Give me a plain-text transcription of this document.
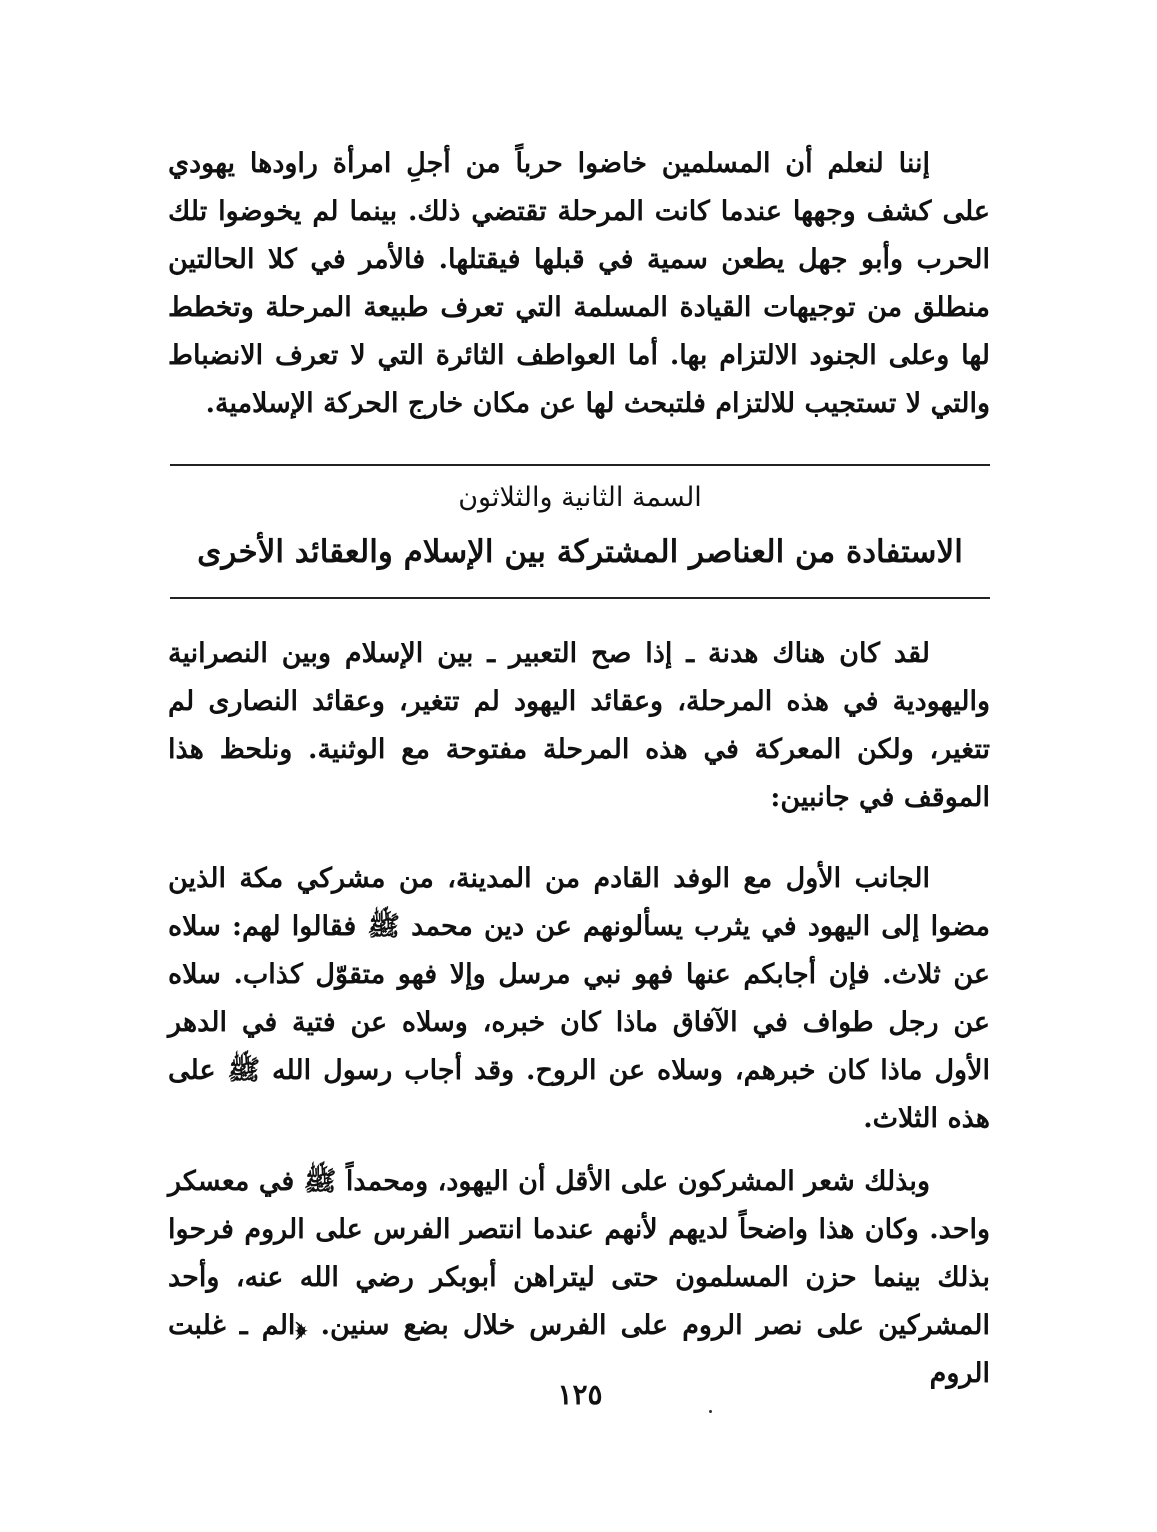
إننا لنعلم أن المسلمين خاضوا حرباً من أجلِ امرأة راودها يهودي على كشف وجهها عندما كانت المرحلة تقتضي ذلك. بينما لم يخوضوا تلك الحرب وأبو جهل يطعن سمية في قبلها فيقتلها. فالأمر في كلا الحالتين منطلق من توجيهات القيادة المسلمة التي تعرف طبيعة المرحلة وتخطط لها وعلى الجنود الالتزام بها. أما العواطف الثائرة التي لا تعرف الانضباط والتي لا تستجيب للالتزام فلتبحث لها عن مكان خارج الحركة الإسلامية.

السمة الثانية والثلاثون
الاستفادة من العناصر المشتركة بين الإسلام والعقائد الأخرى

لقد كان هناك هدنة ـ إذا صح التعبير ـ بين الإسلام وبين النصرانية واليهودية في هذه المرحلة، وعقائد اليهود لم تتغير، وعقائد النصارى لم تتغير، ولكن المعركة في هذه المرحلة مفتوحة مع الوثنية. ونلحظ هذا الموقف في جانبين:

الجانب الأول مع الوفد القادم من المدينة، من مشركي مكة الذين مضوا إلى اليهود في يثرب يسألونهم عن دين محمد ﷺ فقالوا لهم: سلاه عن ثلاث. فإن أجابكم عنها فهو نبي مرسل وإلا فهو متقوّل كذاب. سلاه عن رجل طواف في الآفاق ماذا كان خبره، وسلاه عن فتية في الدهر الأول ماذا كان خبرهم، وسلاه عن الروح. وقد أجاب رسول الله ﷺ على هذه الثلاث.

وبذلك شعر المشركون على الأقل أن اليهود، ومحمداً ﷺ في معسكر واحد. وكان هذا واضحاً لديهم لأنهم عندما انتصر الفرس على الروم فرحوا بذلك بينما حزن المسلمون حتى ليتراهن أبوبكر رضي الله عنه، وأحد المشركين على نصر الروم على الفرس خلال بضع سنين. ﴿الم ـ غلبت الروم

١٢٥
